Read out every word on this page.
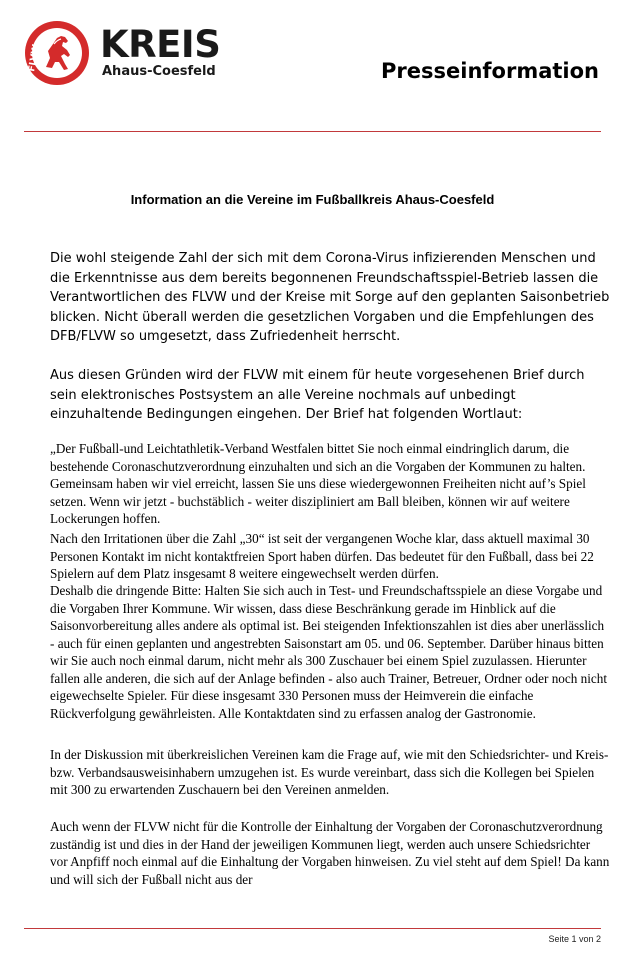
FLVW KREIS
Ahaus-Coesfeld	Presseinformation
Information an die Vereine im Fußballkreis Ahaus-Coesfeld

Die wohl steigende Zahl der sich mit dem Corona-Virus infizierenden Menschen und die Erkenntnisse aus dem bereits begonnenen Freundschaftsspiel-Betrieb lassen die Verantwortlichen des FLVW und der Kreise mit Sorge auf den geplanten Saisonbetrieb blicken. Nicht überall werden die gesetzlichen Vorgaben und die Empfehlungen des DFB/FLVW so umgesetzt, dass Zufriedenheit herrscht.

Aus diesen Gründen wird der FLVW mit einem für heute vorgesehenen Brief durch sein elektronisches Postsystem an alle Vereine nochmals auf unbedingt einzuhaltende Bedingungen eingehen. Der Brief hat folgenden Wortlaut:

„Der Fußball-und Leichtathletik-Verband Westfalen bittet Sie noch einmal eindringlich darum, die bestehende Coronaschutzverordnung einzuhalten und sich an die Vorgaben der Kommunen zu halten. Gemeinsam haben wir viel erreicht, lassen Sie uns diese wiedergewonnen Freiheiten nicht auf’s Spiel setzen. Wenn wir jetzt - buchstäblich - weiter diszipliniert am Ball bleiben, können wir auf weitere Lockerungen hoffen.

Nach den Irritationen über die Zahl „30“ ist seit der vergangenen Woche klar, dass aktuell maximal 30 Personen Kontakt im nicht kontaktfreien Sport haben dürfen. Das bedeutet für den Fußball, dass bei 22 Spielern auf dem Platz insgesamt 8 weitere eingewechselt werden dürfen.

Deshalb die dringende Bitte: Halten Sie sich auch in Test- und Freundschaftsspiele an diese Vorgabe und die Vorgaben Ihrer Kommune. Wir wissen, dass diese Beschränkung gerade im Hinblick auf die Saisonvorbereitung alles andere als optimal ist. Bei steigenden Infektionszahlen ist dies aber unerlässlich - auch für einen geplanten und angestrebten Saisonstart am 05. und 06. September. Darüber hinaus bitten wir Sie auch noch einmal darum, nicht mehr als 300 Zuschauer bei einem Spiel zuzulassen. Hierunter fallen alle anderen, die sich auf der Anlage befinden - also auch Trainer, Betreuer, Ordner oder noch nicht eigewechselte Spieler. Für diese insgesamt 330 Personen muss der Heimverein die einfache Rückverfolgung gewährleisten. Alle Kontaktdaten sind zu erfassen analog der Gastronomie.

In der Diskussion mit überkreislichen Vereinen kam die Frage auf, wie mit den Schiedsrichter- und Kreis- bzw. Verbandsausweisinhabern umzugehen ist. Es wurde vereinbart, dass sich die Kollegen bei Spielen mit 300 zu erwartenden Zuschauern bei den Vereinen anmelden.

Auch wenn der FLVW nicht für die Kontrolle der Einhaltung der Vorgaben der Coronaschutzverordnung zuständig ist und dies in der Hand der jeweiligen Kommunen liegt, werden auch unsere Schiedsrichter vor Anpfiff noch einmal auf die Einhaltung der Vorgaben hinweisen. Zu viel steht auf dem Spiel! Da kann und will sich der Fußball nicht aus der

Seite 1 von 2
